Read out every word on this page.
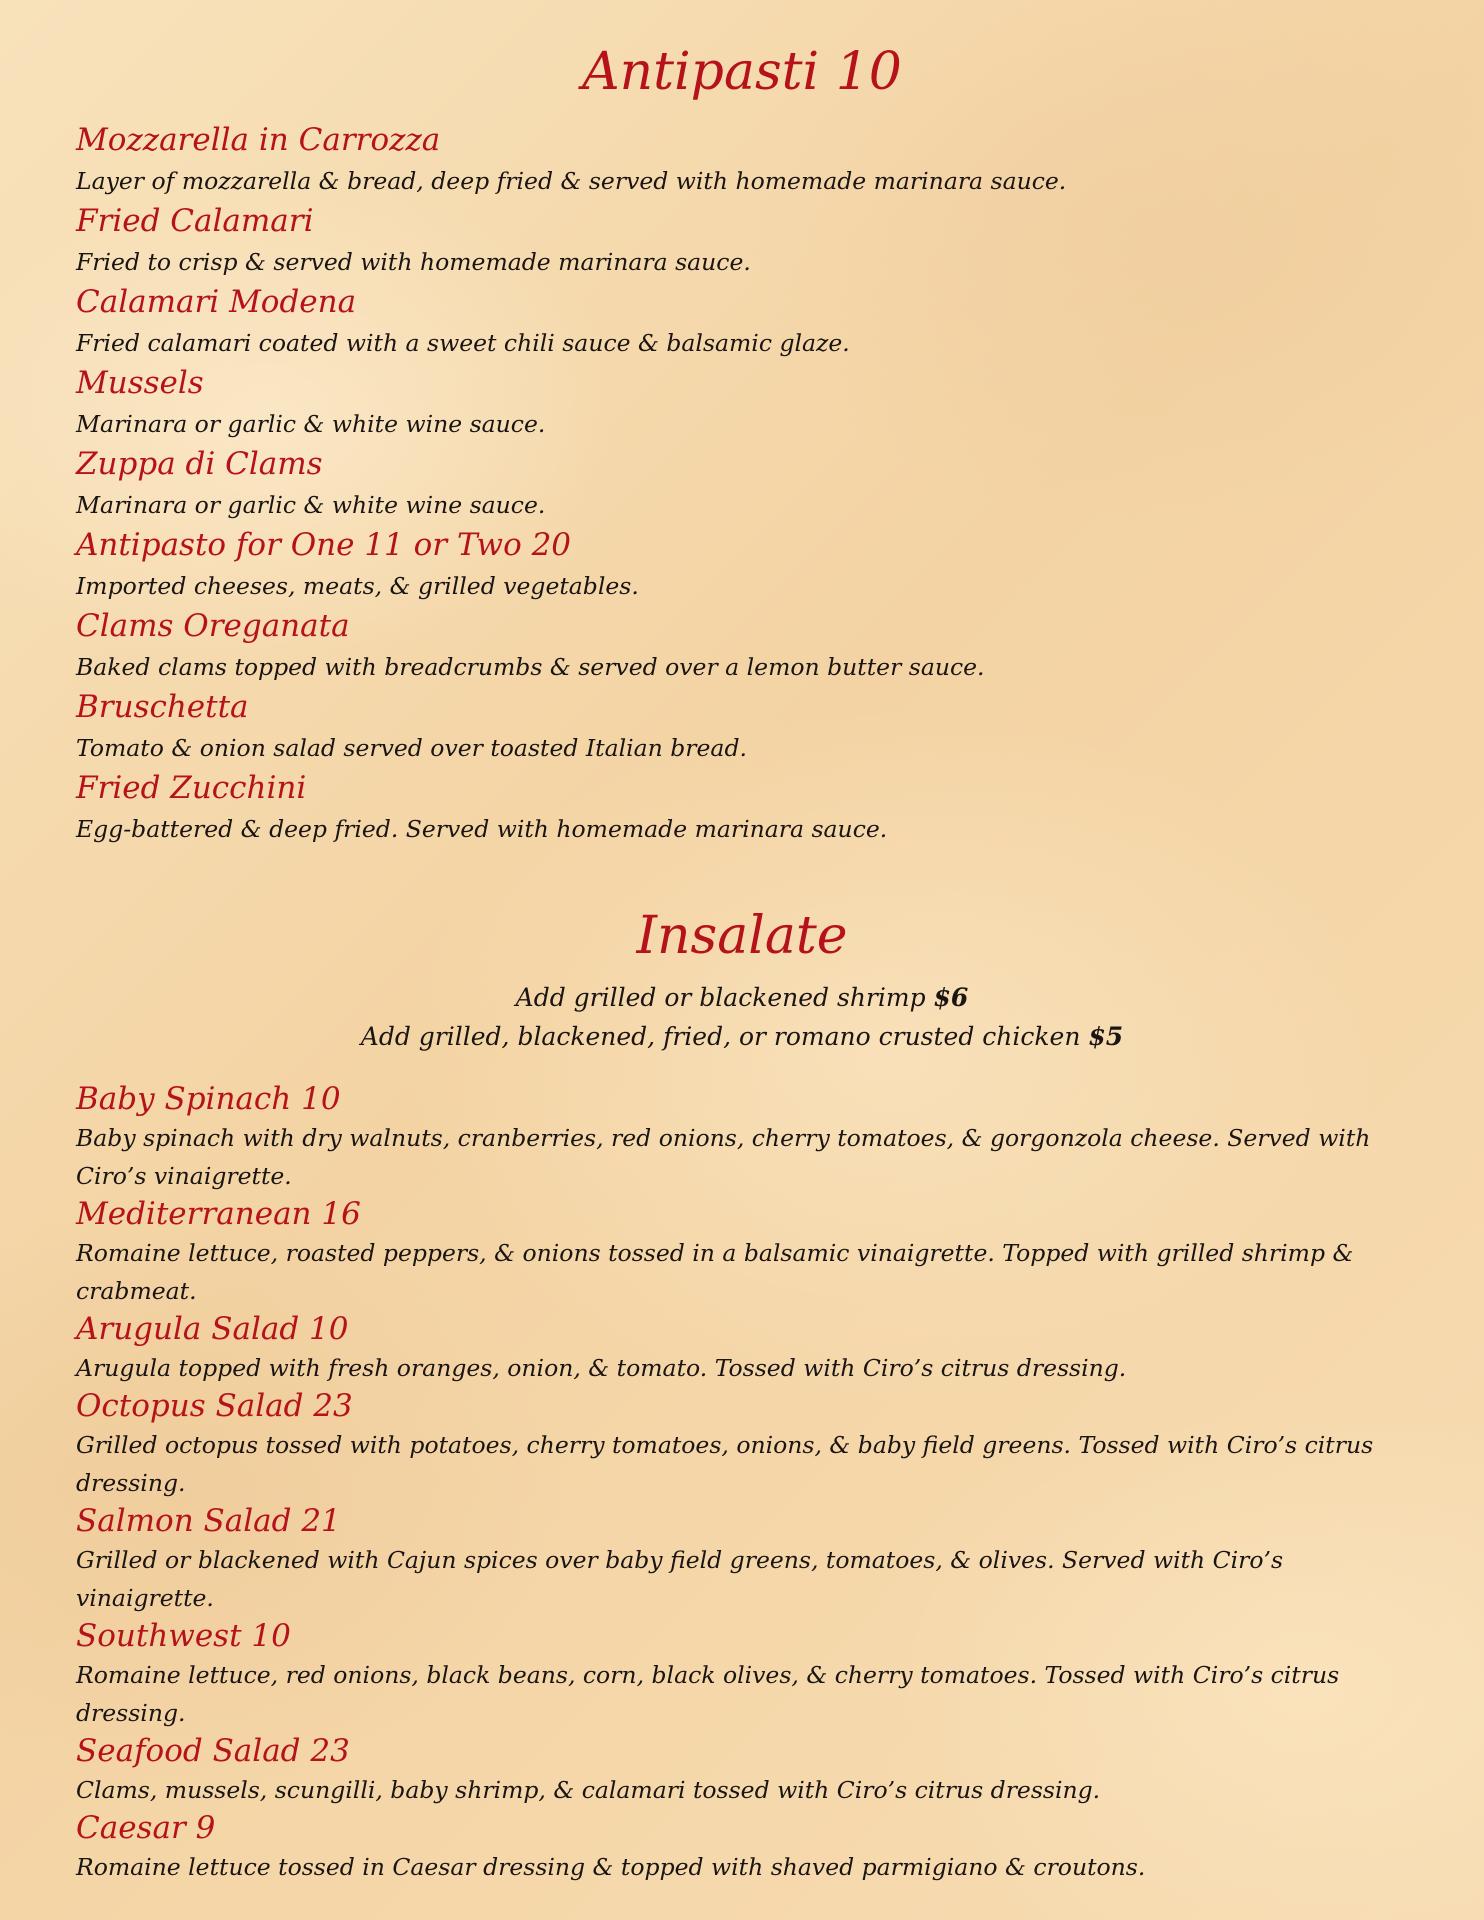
Antipasti 10

Mozzarella in Carrozza

Layer of mozzarella & bread, deep fried & served with homemade marinara sauce.

Fried Calamari

Fried to crisp & served with homemade marinara sauce.

Calamari Modena

Fried calamari coated with a sweet chili sauce & balsamic glaze.

Mussels

Marinara or garlic & white wine sauce.

Zuppa di Clams

Marinara or garlic & white wine sauce.

Antipasto for One 11 or Two 20

Imported cheeses, meats, & grilled vegetables.

Clams Oreganata

Baked clams topped with breadcrumbs & served over a lemon butter sauce.

Bruschetta

Tomato & onion salad served over toasted Italian bread.

Fried Zucchini

Egg-battered & deep fried. Served with homemade marinara sauce.

Insalate
Add grilled or blackened shrimp $6
Add grilled, blackened, fried, or romano crusted chicken $5

Baby Spinach 10

Baby spinach with dry walnuts, cranberries, red onions, cherry tomatoes, & gorgonzola cheese. Served with Ciro’s vinaigrette.

Mediterranean 16

Romaine lettuce, roasted peppers, & onions tossed in a balsamic vinaigrette. Topped with grilled shrimp & crabmeat.

Arugula Salad 10

Arugula topped with fresh oranges, onion, & tomato. Tossed with Ciro’s citrus dressing.

Octopus Salad 23

Grilled octopus tossed with potatoes, cherry tomatoes, onions, & baby field greens. Tossed with Ciro’s citrus dressing.

Salmon Salad 21

Grilled or blackened with Cajun spices over baby field greens, tomatoes, & olives. Served with Ciro’s vinaigrette.

Southwest 10

Romaine lettuce, red onions, black beans, corn, black olives, & cherry tomatoes. Tossed with Ciro’s citrus dressing.

Seafood Salad 23

Clams, mussels, scungilli, baby shrimp, & calamari tossed with Ciro’s citrus dressing.

Caesar 9

Romaine lettuce tossed in Caesar dressing & topped with shaved parmigiano & croutons.
